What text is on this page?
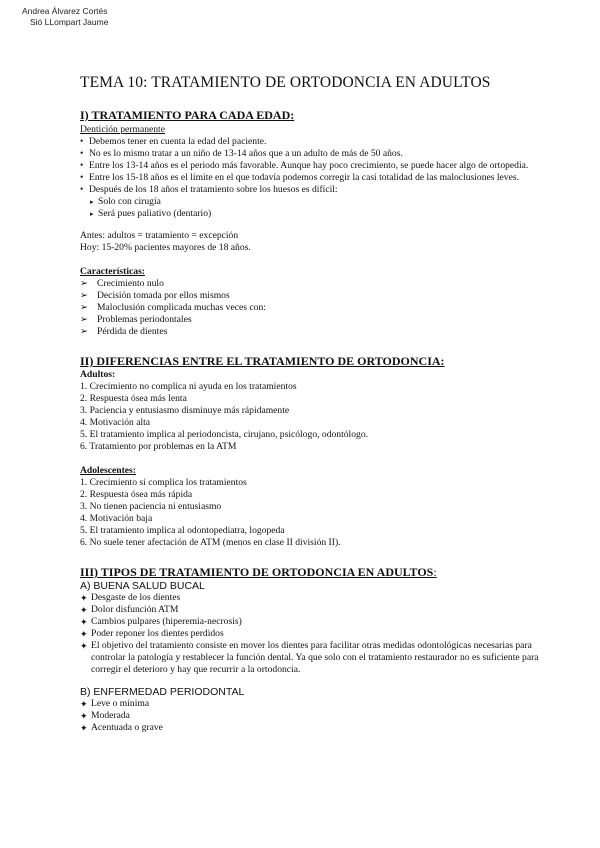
Andrea Álvarez Cortés
Sió LLompart Jaume
TEMA 10: TRATAMIENTO DE ORTODONCIA EN ADULTOS
I) TRATAMIENTO PARA CADA EDAD:
Dentición permanente
• Debemos tener en cuenta la edad del paciente.
• No es lo mismo tratar a un niño de 13-14 años que a un adulto de más de 50 años.
• Entre los 13-14 años es el periodo más favorable. Aunque hay poco crecimiento, se puede hacer algo de ortopedia.
• Entre los 15-18 años es el límite en el que todavía podemos corregir la casi totalidad de las maloclusiones leves.
• Después de los 18 años el tratamiento sobre los huesos es difícil:
▸ Solo con cirugía
▸ Será pues paliativo (dentario)
Antes: adultos = tratamiento = excepción
Hoy: 15-20% pacientes mayores de 18 años.
Características:
➢ Crecimiento nulo
➢ Decisión tomada por ellos mismos
➢ Maloclusión complicada muchas veces con:
➢ Problemas periodontales
➢ Pérdida de dientes
II) DIFERENCIAS ENTRE EL TRATAMIENTO DE ORTODONCIA:
Adultos:
1. Crecimiento no complica ni ayuda en los tratamientos
2. Respuesta ósea más lenta
3. Paciencia y entusiasmo disminuye más rápidamente
4. Motivación alta
5. El tratamiento implica al periodoncista, cirujano, psicólogo, odontólogo.
6. Tratamiento por problemas en la ATM
Adolescentes:
1. Crecimiento sí complica los tratamientos
2. Respuesta ósea más rápida
3. No tienen paciencia ni entusiasmo
4. Motivación baja
5. El tratamiento implica al odontopediatra, logopeda
6. No suele tener afectación de ATM (menos en clase II división II).
III) TIPOS DE TRATAMIENTO DE ORTODONCIA EN ADULTOS:
A) BUENA SALUD BUCAL
✦ Desgaste de los dientes
✦ Dolor disfunción ATM
✦ Cambios pulpares (hiperemia-necrosis)
✦ Poder reponer los dientes perdidos
✦ El objetivo del tratamiento consiste en mover los dientes para facilitar otras medidas odontológicas necesarias para controlar la patología y restablecer la función dental. Ya que solo con el tratamiento restaurador no es suficiente para corregir el deterioro y hay que recurrir a la ortodoncia.
B) ENFERMEDAD PERIODONTAL
✦ Leve o mínima
✦ Moderada
✦ Acentuada o grave
